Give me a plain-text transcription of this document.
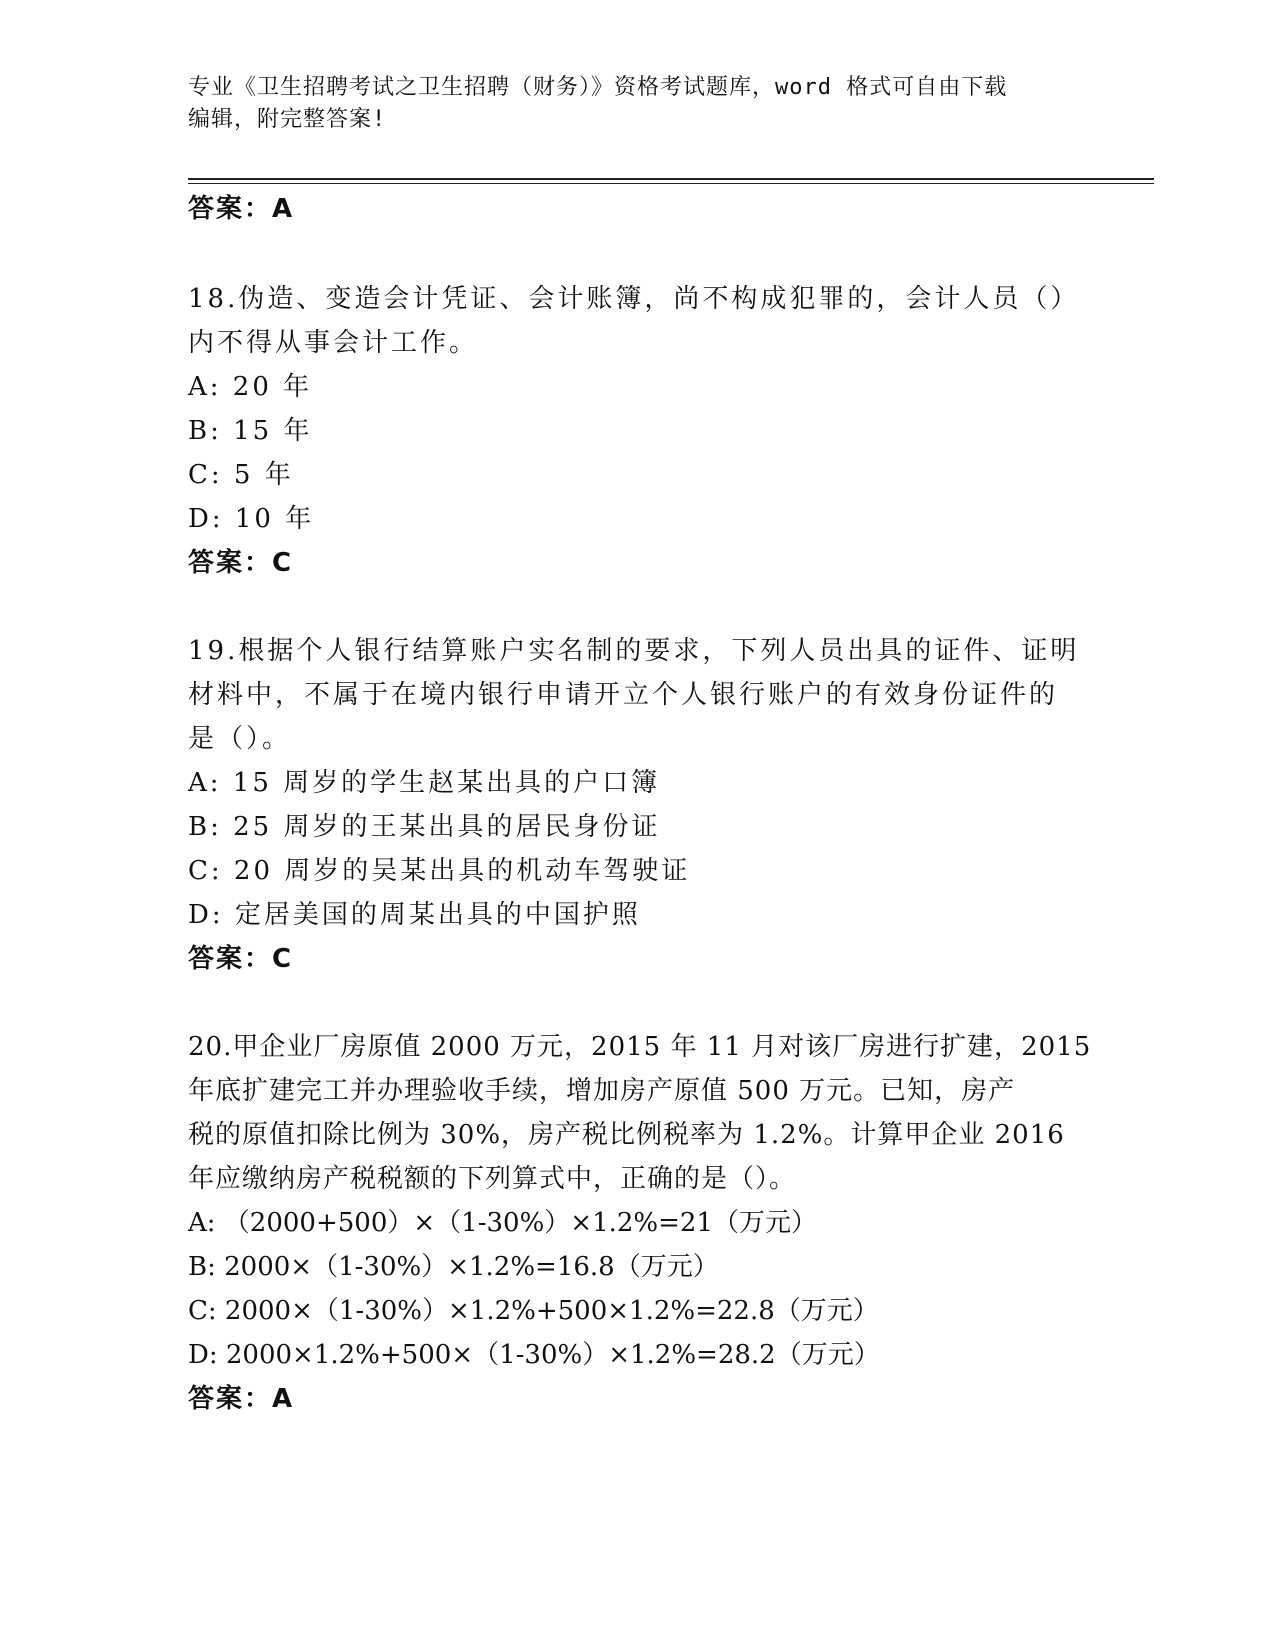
专业《卫生招聘考试之卫生招聘（财务）》资格考试题库，word 格式可自由下载
编辑，附完整答案!
答案：A
18.伪造、变造会计凭证、会计账簿，尚不构成犯罪的，会计人员（）
内不得从事会计工作。
A: 20 年
B: 15 年
C: 5 年
D: 10 年
答案：C
19.根据个人银行结算账户实名制的要求，下列人员出具的证件、证明
材料中，不属于在境内银行申请开立个人银行账户的有效身份证件的
是（）。
A: 15 周岁的学生赵某出具的户口簿
B: 25 周岁的王某出具的居民身份证
C: 20 周岁的吴某出具的机动车驾驶证
D: 定居美国的周某出具的中国护照
答案：C
20.甲企业厂房原值 2000 万元，2015 年 11 月对该厂房进行扩建，2015
年底扩建完工并办理验收手续，增加房产原值 500 万元。已知，房产
税的原值扣除比例为 30%，房产税比例税率为 1.2%。计算甲企业 2016
年应缴纳房产税税额的下列算式中，正确的是（）。
A: （2000+500）×（1-30%）×1.2%=21（万元）
B: 2000×（1-30%）×1.2%=16.8（万元）
C: 2000×（1-30%）×1.2%+500×1.2%=22.8（万元）
D: 2000×1.2%+500×（1-30%）×1.2%=28.2（万元）
答案：A
